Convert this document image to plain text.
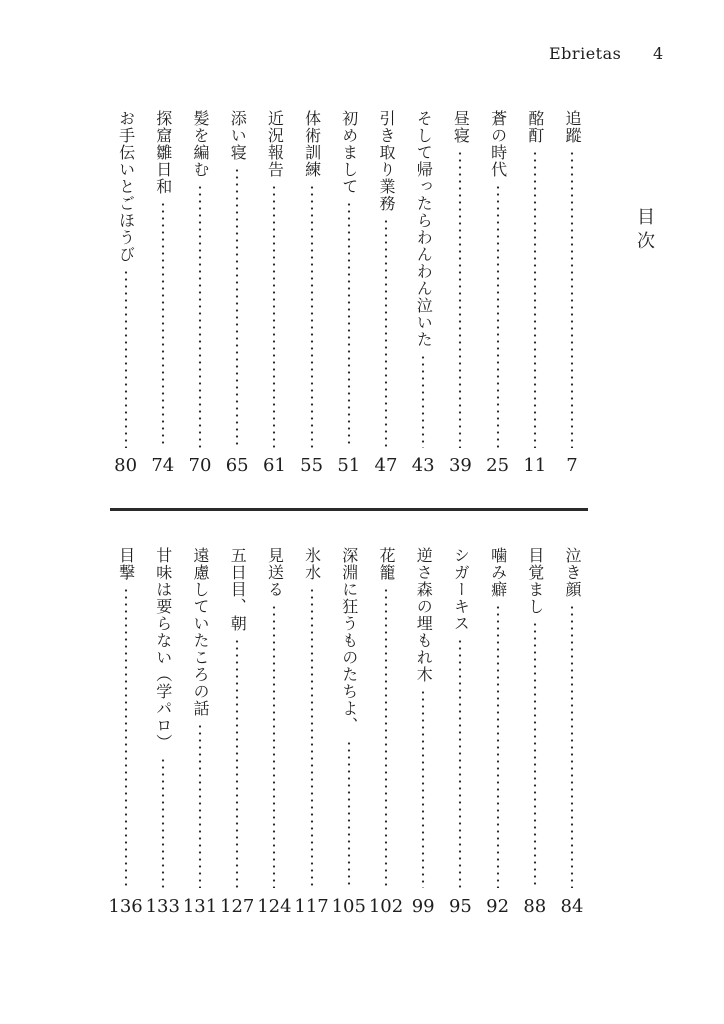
Ebrietas 4
目次
追蹤
7
酩酊
11
蒼の時代
25
昼寝
39
そして帰ったらわんわん泣いた
43
引き取り業務
47
初めまして
51
体術訓練
55
近況報告
61
添い寝
65
髪を編む
70
探窟雛日和
74
お手伝いとごほうび
80
泣き顔
84
目覚まし
88
噛み癖
92
シガーキス
95
逆さ森の埋もれ木
99
花籠
102
深淵に狂うものたちよ、
105
氷水
117
見送る
124
五日目、朝
127
遠慮していたころの話
131
甘味は要らない（学パロ）
133
目撃
136
